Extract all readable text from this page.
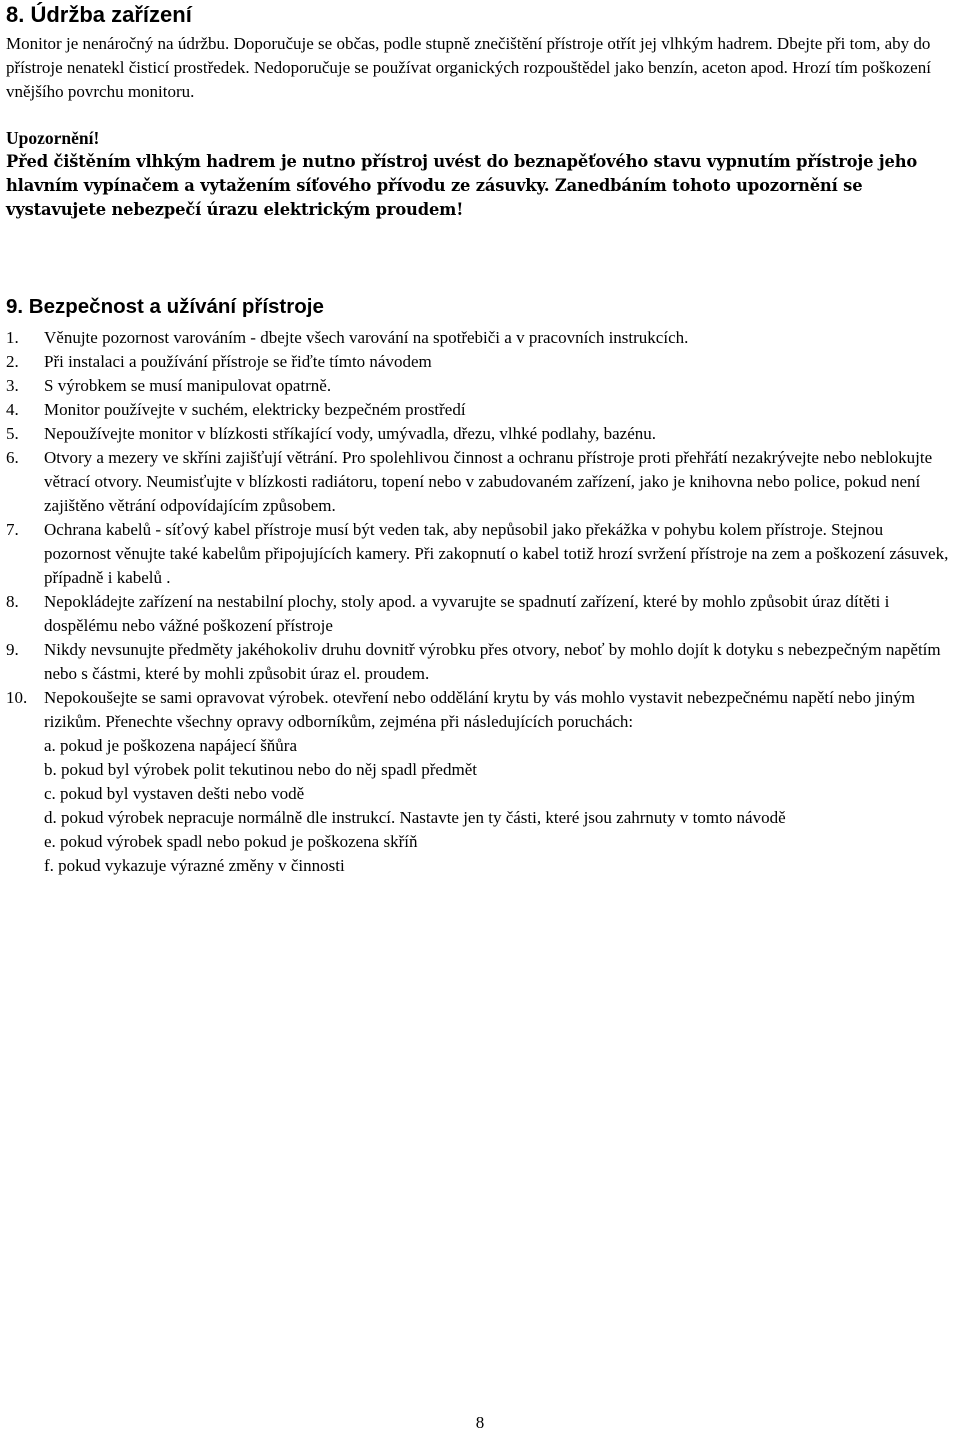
8. Údržba zařízení

Monitor je nenáročný na údržbu. Doporučuje se občas, podle stupně znečištění přístroje otřít jej vlhkým hadrem. Dbejte při tom, aby do přístroje nenatekl čisticí prostředek. Nedoporučuje se používat organických rozpouštědel jako benzín, aceton apod. Hrozí tím poškození vnějšího povrchu monitoru.

Upozornění!

Před čištěním vlhkým hadrem je nutno přístroj uvést do beznapěťového stavu vypnutím přístroje jeho hlavním vypínačem a vytažením síťového přívodu ze zásuvky. Zanedbáním tohoto upozornění se vystavujete nebezpečí úrazu elektrickým proudem!

9. Bezpečnost a užívání přístroje
1. Věnujte pozornost varováním - dbejte všech varování na spotřebiči a v pracovních instrukcích.
2. Při instalaci a používání přístroje se řiďte tímto návodem
3. S výrobkem se musí manipulovat opatrně.
4. Monitor používejte v suchém, elektricky bezpečném prostředí
5. Nepoužívejte monitor v blízkosti stříkající vody, umývadla, dřezu, vlhké podlahy, bazénu.
6. Otvory a mezery ve skříni zajišťují větrání. Pro spolehlivou činnost a ochranu přístroje proti přehřátí nezakrývejte nebo neblokujte větrací otvory. Neumisťujte v blízkosti radiátoru, topení nebo v zabudovaném zařízení, jako je knihovna nebo police, pokud není zajištěno větrání odpovídajícím způsobem.
7. Ochrana kabelů - síťový kabel přístroje musí být veden tak, aby nepůsobil jako překážka v pohybu kolem přístroje. Stejnou pozornost věnujte také kabelům připojujících kamery. Při zakopnutí o kabel totiž hrozí svržení přístroje na zem a poškození zásuvek, případně i kabelů .
8. Nepokládejte zařízení na nestabilní plochy, stoly apod. a vyvarujte se spadnutí zařízení, které by mohlo způsobit úraz dítěti i dospělému nebo vážné poškození přístroje
9. Nikdy nevsunujte předměty jakéhokoliv druhu dovnitř výrobku přes otvory, neboť by mohlo dojít k dotyku s nebezpečným napětím nebo s částmi, které by mohli způsobit úraz el. proudem.
10. Nepokoušejte se sami opravovat výrobek. otevření nebo oddělání krytu by vás mohlo vystavit nebezpečnému napětí nebo jiným rizikům. Přenechte všechny opravy odborníkům, zejména při následujících poruchách:
a. pokud je poškozena napájecí šňůra
b. pokud byl výrobek polit tekutinou nebo do něj spadl předmět
c. pokud byl vystaven dešti nebo vodě
d. pokud výrobek nepracuje normálně dle instrukcí. Nastavte jen ty části, které jsou zahrnuty v tomto návodě
e. pokud výrobek spadl nebo pokud je poškozena skříň
f. pokud vykazuje výrazné změny v činnosti
8
